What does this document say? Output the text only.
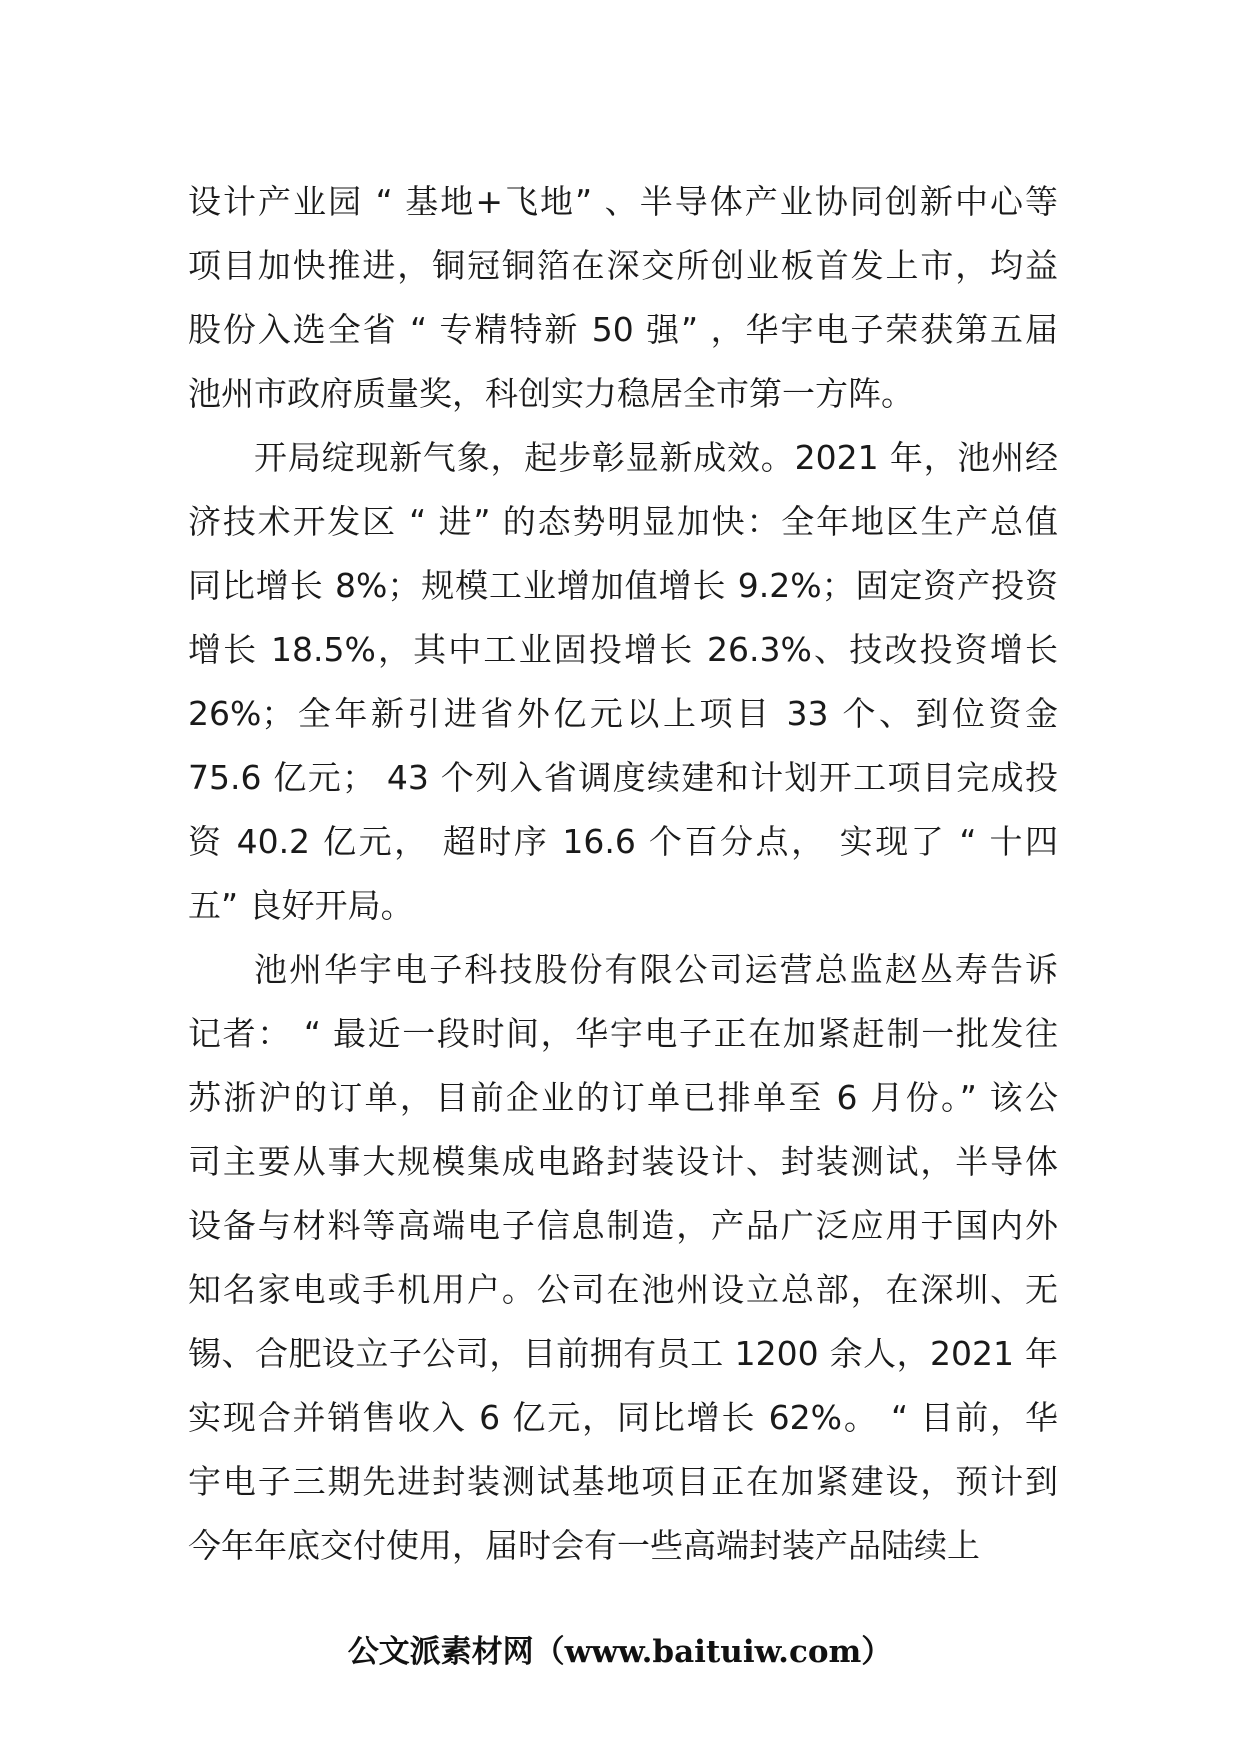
设计产业园 “ 基地+飞地” 、半导体产业协同创新中心等
项目加快推进，铜冠铜箔在深交所创业板首发上市，均益
股份入选全省 “ 专精特新 50 强” ，华宇电子荣获第五届
池州市政府质量奖，科创实力稳居全市第一方阵。
开局绽现新气象，起步彰显新成效。2021 年，池州经
济技术开发区 “ 进” 的态势明显加快：全年地区生产总值
同比增长 8%；规模工业增加值增长 9.2%；固定资产投资
增长 18.5%，其中工业固投增长 26.3%、技改投资增长
26%；全年新引进省外亿元以上项目 33 个、到位资金
75.6 亿元； 43 个列入省调度续建和计划开工项目完成投
资 40.2 亿元， 超时序 16.6 个百分点， 实现了 “ 十四
五” 良好开局。
池州华宇电子科技股份有限公司运营总监赵丛寿告诉
记者： “ 最近一段时间，华宇电子正在加紧赶制一批发往
苏浙沪的订单，目前企业的订单已排单至 6 月份。” 该公
司主要从事大规模集成电路封装设计、封装测试，半导体
设备与材料等高端电子信息制造，产品广泛应用于国内外
知名家电或手机用户。公司在池州设立总部，在深圳、无
锡、合肥设立子公司，目前拥有员工 1200 余人，2021 年
实现合并销售收入 6 亿元，同比增长 62%。 “ 目前，华
宇电子三期先进封装测试基地项目正在加紧建设，预计到
今年年底交付使用，届时会有一些高端封装产品陆续上
公文派素材网（www.baituiw.com）
